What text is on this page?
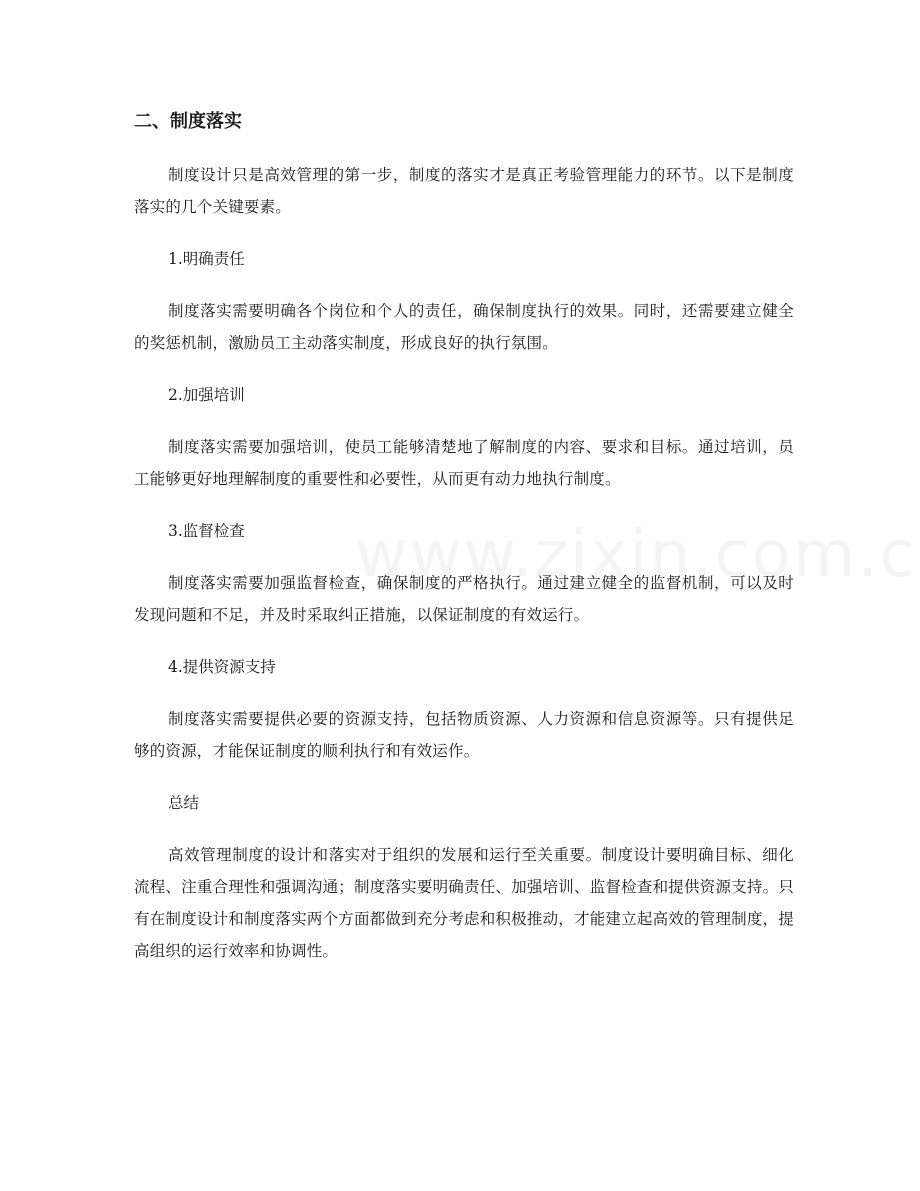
二、制度落实

制度设计只是高效管理的第一步，制度的落实才是真正考验管理能力的环节。以下是制度落实的几个关键要素。

1.明确责任

制度落实需要明确各个岗位和个人的责任，确保制度执行的效果。同时，还需要建立健全的奖惩机制，激励员工主动落实制度，形成良好的执行氛围。

2.加强培训

制度落实需要加强培训，使员工能够清楚地了解制度的内容、要求和目标。通过培训，员工能够更好地理解制度的重要性和必要性，从而更有动力地执行制度。

3.监督检查

制度落实需要加强监督检查，确保制度的严格执行。通过建立健全的监督机制，可以及时发现问题和不足，并及时采取纠正措施，以保证制度的有效运行。

4.提供资源支持

制度落实需要提供必要的资源支持，包括物质资源、人力资源和信息资源等。只有提供足够的资源，才能保证制度的顺利执行和有效运作。

总结

高效管理制度的设计和落实对于组织的发展和运行至关重要。制度设计要明确目标、细化流程、注重合理性和强调沟通；制度落实要明确责任、加强培训、监督检查和提供资源支持。只有在制度设计和制度落实两个方面都做到充分考虑和积极推动，才能建立起高效的管理制度，提高组织的运行效率和协调性。
